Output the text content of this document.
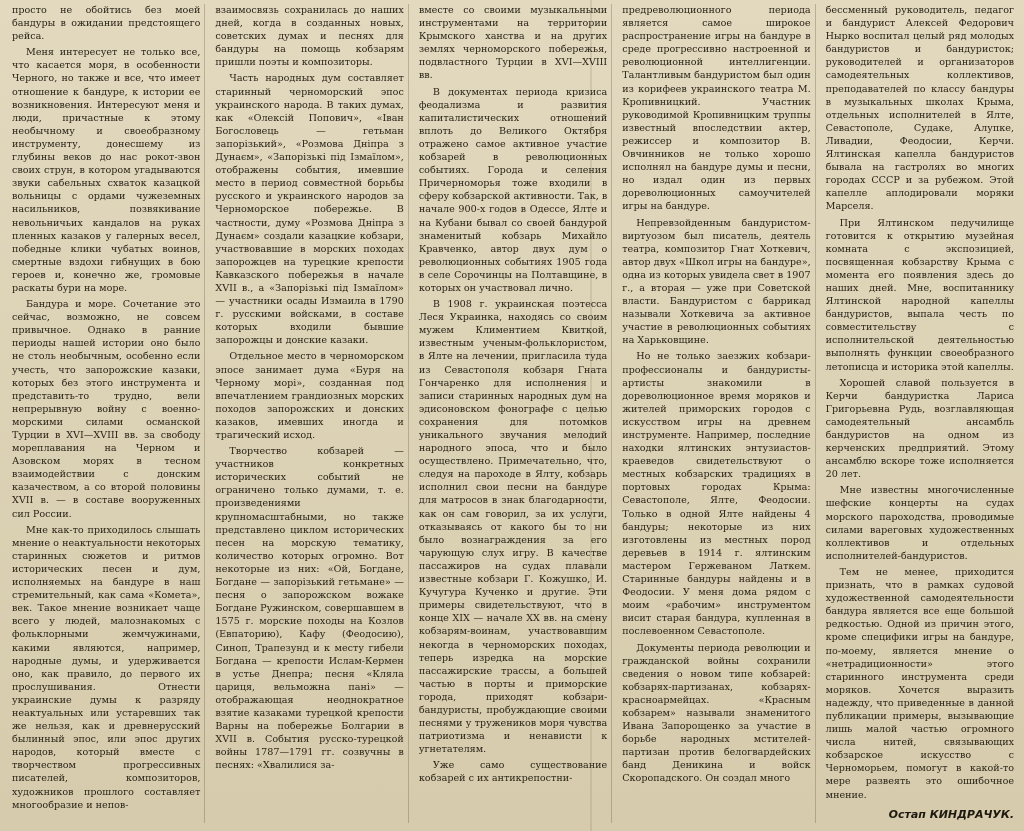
просто не обойтись без моей бандуры в ожидании предстоящего рейса.

Меня интересует не только все, что касается моря, в особенности Черного, но также и все, что имеет отношение к бандуре, к истории ее возникновения. Интересуют меня и люди, причастные к этому необычному и своеобразному инструменту, донесшему из глубины веков до нас рокот-звон своих струн, в котором угадываются звуки сабельных схваток казацкой вольницы с ордами чужеземных насильников, позвякивание невольничьих кандалов на руках пленных казаков у галерных весел, победные клики чубатых воинов, смертные вздохи гибнущих в бою героев и, конечно же, громовые раскаты бури на море.

Бандура и море. Сочетание это сейчас, возможно, не совсем привычное. Однако в ранние периоды нашей истории оно было не столь необычным, особенно если учесть, что запорожские казаки, которых без этого инструмента и представить-то трудно, вели непрерывную войну с военно-морскими силами османской Турции в XVI—XVIII вв. за свободу мореплавания на Черном и Азовском морях в тесном взаимодействии с донским казачеством, а со второй половины XVII в. — в составе вооруженных сил России.

Мне как-то приходилось слышать мнение о неактуальности некоторых старинных сюжетов и ритмов исторических песен и дум, исполняемых на бандуре в наш стремительный, как сама «Комета», век. Такое мнение возникает чаще всего у людей, малознакомых с фольклорными жемчужинами, какими являются, например, народные думы, и удерживается оно, как правило, до первого их прослушивания. Отнести украинские думы к разряду неактуальных или устаревших так же нельзя, как и древнерусский былинный эпос, или эпос других народов, который вместе с творчеством прогрессивных писателей, композиторов, художников прошлого составляет многообразие и непов-

взаимосвязь сохранилась до наших дней, когда в созданных новых, советских думах и песнях для бандуры на помощь кобзарям пришли поэты и композиторы.

Часть народных дум составляет старинный черноморский эпос украинского народа. В таких думах, как «Олексій Попович», «Іван Богословець — гетьман запорізький», «Розмова Дніпра з Дунаєм», «Запорізькі під Ізмаїлом», отображены события, имевшие место в период совместной борьбы русского и украинского народов за Черноморское побережье. В частности, думу «Розмова Дніпра з Дунаєм» создали казацкие кобзари, участвовавшие в морских походах запорожцев на турецкие крепости Кавказского побережья в начале XVII в., а «Запорізькі під Ізмаїлом» — участники осады Измаила в 1790 г. русскими войсками, в составе которых входили бывшие запорожцы и донские казаки.

Отдельное место в черноморском эпосе занимает дума «Буря на Черному морі», созданная под впечатлением грандиозных морских походов запорожских и донских казаков, имевших иногда и трагический исход.

Творчество кобзарей — участников конкретных исторических событий не ограничено только думами, т. е. произведениями крупномасштабными, но также представлено циклом исторических песен на морскую тематику, количество которых огромно. Вот некоторые из них: «Ой, Богдане, Богдане — запорізький гетьмане» — песня о запорожском вожаке Богдане Ружинском, совершавшем в 1575 г. морские походы на Козлов (Евпаторию), Кафу (Феодосию), Синоп, Трапезунд и к месту гибели Богдана — крепости Ислам-Кермен в устье Днепра; песня «Кляла цариця, вельможна пані» — отображающая неоднократное взятие казаками турецкой крепости Варны на побережье Болгарии в XVII в. События русско-турецкой войны 1787—1791 гг. созвучны в песнях: «Хвалилися за-

вместе со своими музыкальными инструментами на территории Крымского ханства и на других землях черноморского побережья, подвластного Турции в XVI—XVIII вв.

В документах периода кризиса феодализма и развития капиталистических отношений вплоть до Великого Октября отражено самое активное участие кобзарей в революционных событиях. Города и селения Причерноморья тоже входили в сферу кобзарской активности. Так, в начале 900-х годов в Одессе, Ялте и на Кубани бывал со своей бандурой знаменитый кобзарь Михайло Кравченко, автор двух дум о революционных событиях 1905 года в селе Сорочинцы на Полтавщине, в которых он участвовал лично.

В 1908 г. украинская поэтесса Леся Украинка, находясь со своим мужем Климентием Квиткой, известным ученым-фольклористом, в Ялте на лечении, пригласила туда из Севастополя кобзаря Гната Гончаренко для исполнения и записи старинных народных дум на эдисоновском фонографе с целью сохранения для потомков уникального звучания мелодий народного эпоса, что и было осуществлено. Примечательно, что, следуя на пароходе в Ялту, кобзарь исполнил свои песни на бандуре для матросов в знак благодарности, как он сам говорил, за их услуги, отказываясь от какого бы то ни было вознаграждения за его чарующую слух игру. В качестве пассажиров на судах плавали известные кобзари Г. Кожушко, И. Кучугура Кученко и другие. Эти примеры свидетельствуют, что в конце XIX — начале XX вв. на смену кобзарям-воинам, участвовавшим некогда в черноморских походах, теперь изредка на морские пассажирские трассы, а большей частью в порты и приморские города, приходят кобзари-бандуристы, пробуждающие своими песнями у тружеников моря чувства патриотизма и ненависти к угнетателям.

Уже само существование кобзарей с их антикрепостни-

предреволюционного периода является самое широкое распространение игры на бандуре в среде прогрессивно настроенной и революционной интеллигенции. Талантливым бандуристом был один из корифеев украинского театра М. Кропивницкий. Участник руководимой Кропивницким труппы известный впоследствии актер, режиссер и композитор В. Овчинников не только хорошо исполнял на бандуре думы и песни, но издал один из первых дореволюционных самоучителей игры на бандуре.

Непревзойденным бандуристом-виртуозом был писатель, деятель театра, композитор Гнат Хоткевич, автор двух «Школ игры на бандуре», одна из которых увидела свет в 1907 г., а вторая — уже при Советской власти. Бандуристом с баррикад называли Хоткевича за активное участие в революционных событиях на Харьковщине.

Но не только заезжих кобзари-профессионалы и бандуристы-артисты знакомили в дореволюционное время моряков и жителей приморских городов с искусством игры на древнем инструменте. Например, последние находки ялтинских энтузиастов-краеведов свидетельствуют о местных кобзарских традициях в портовых городах Крыма: Севастополе, Ялте, Феодосии. Только в одной Ялте найдены 4 бандуры; некоторые из них изготовлены из местных пород деревьев в 1914 г. ялтинским мастером Гержеваном Латкем. Старинные бандуры найдены и в Феодосии. У меня дома рядом с моим «рабочим» инструментом висит старая бандура, купленная в послевоенном Севастополе.

Документы периода революции и гражданской войны сохранили сведения о новом типе кобзарей: кобзарях-партизанах, кобзарях-красноармейцах. «Красным кобзарем» называли знаменитого Ивана Запорощенко за участие в борьбе народных мстителей-партизан против белогвардейских банд Деникина и войск Скоропадского. Он создал много

бессменный руководитель, педагог и бандурист Алексей Федорович Нырко воспитал целый ряд молодых бандуристов и бандуристок; руководителей и организаторов самодеятельных коллективов, преподавателей по классу бандуры в музыкальных школах Крыма, отдельных исполнителей в Ялте, Севастополе, Судаке, Алупке, Ливадии, Феодосии, Керчи. Ялтинская капелла бандуристов бывала на гастролях во многих городах СССР и за рубежом. Этой капелле аплодировали моряки Марселя.

При Ялтинском педучилище готовится к открытию музейная комната с экспозицией, посвященная кобзарству Крыма с момента его появления здесь до наших дней. Мне, воспитаннику Ялтинской народной капеллы бандуристов, выпала честь по совместительству с исполнительской деятельностью выполнять функции своеобразного летописца и историка этой капеллы.

Хорошей славой пользуется в Керчи бандуристка Лариса Григорьевна Рудь, возглавляющая самодеятельный ансамбль бандуристов на одном из керченских предприятий. Этому ансамблю вскоре тоже исполняется 20 лет.

Мне известны многочисленные шефские концерты на судах морского пароходства, проводимые силами вареговых художественных коллективов и отдельных исполнителей-бандуристов.

Тем не менее, приходится признать, что в рамках судовой художественной самодеятельности бандура является все еще большой редкостью. Одной из причин этого, кроме специфики игры на бандуре, по-моему, является мнение о «нетрадиционности» этого старинного инструмента среди моряков. Хочется выразить надежду, что приведенные в данной публикации примеры, вызывающие лишь малой частью огромного числа нитей, связывающих кобзарское искусство с Черноморьем, помогут в какой-то мере развеять это ошибочное мнение.

Остап КИНДРАЧУК.
